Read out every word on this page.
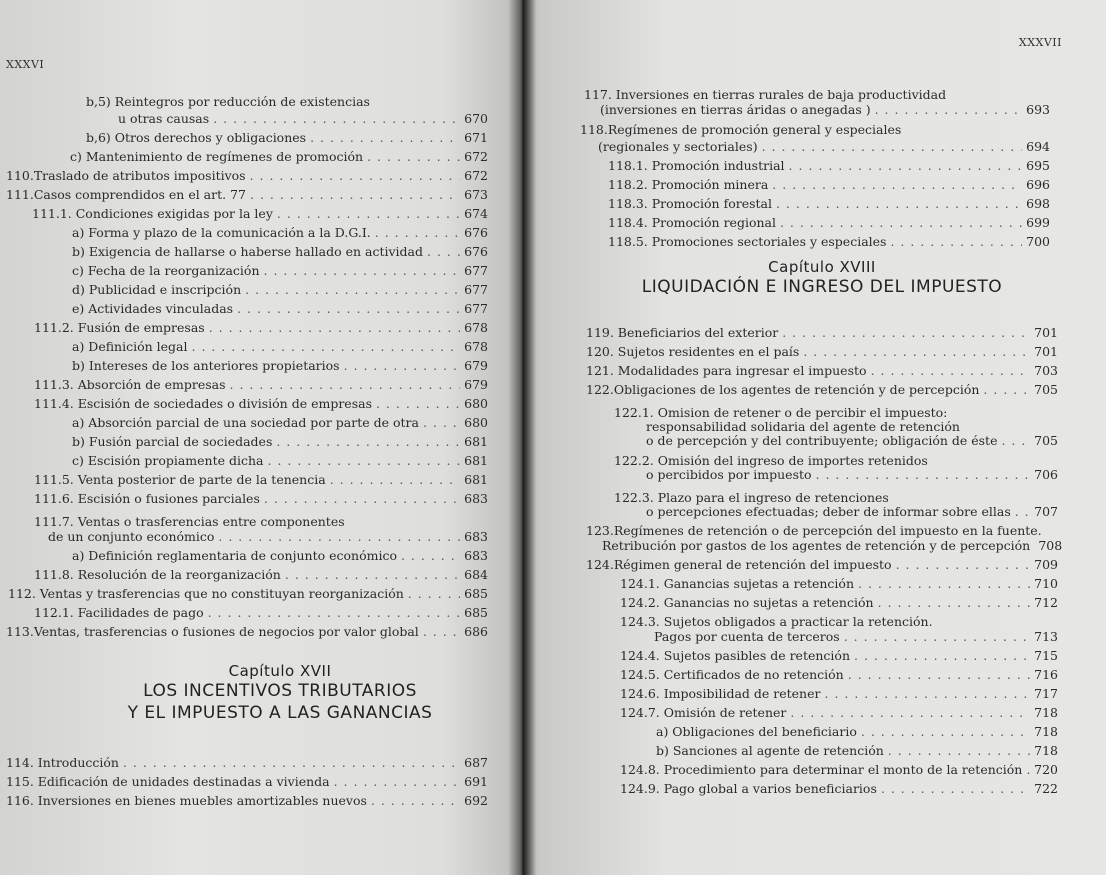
XXXVI
b,5) Reintegros por reducción de existencias
u otras causas . . .	670
b,6) Otros derechos y obligaciones . . .	671
c) Mantenimiento de regímenes de promoción . . .	672
110.Traslado de atributos impositivos . . .	672
111.Casos comprendidos en el art. 77 . . .	673
111.1. Condiciones exigidas por la ley . . .	674
a) Forma y plazo de la comunicación a la D.G.I. . . .	676
b) Exigencia de hallarse o haberse hallado en actividad . . .	676
c) Fecha de la reorganización . . .	677
d) Publicidad e inscripción . . .	677
e) Actividades vinculadas . . .	677
111.2. Fusión de empresas . . .	678
a) Definición legal . . .	678
b) Intereses de los anteriores propietarios . . .	679
111.3. Absorción de empresas . . .	679
111.4. Escisión de sociedades o división de empresas . . .	680
a) Absorción parcial de una sociedad por parte de otra . . .	680
b) Fusión parcial de sociedades . . .	681
c) Escisión propiamente dicha . . .	681
111.5. Venta posterior de parte de la tenencia . . .	681
111.6. Escisión o fusiones parciales . . .	683
111.7. Ventas o trasferencias entre componentes
de un conjunto económico . . .	683
a) Definición reglamentaria de conjunto económico . . .	683
111.8. Resolución de la reorganización . . .	684
112. Ventas y trasferencias que no constituyan reorganización . . .	685
112.1. Facilidades de pago . . .	685
113.Ventas, trasferencias o fusiones de negocios por valor global . . .	686
114. Introducción . . .	687
115. Edificación de unidades destinadas a vivienda . . .	691
116. Inversiones en bienes muebles amortizables nuevos . . .	692
Capítulo XVII
LOS INCENTIVOS TRIBUTARIOS
Y EL IMPUESTO A LAS GANANCIAS
XXXVII
117. Inversiones en tierras rurales de baja productividad
(inversiones en tierras áridas o anegadas ) . . .	693
118.Regímenes de promoción general y especiales
(regionales y sectoriales) . . .	694
118.1. Promoción industrial . . .	695
118.2. Promoción minera . . .	696
118.3. Promoción forestal . . .	698
118.4. Promoción regional . . .	699
118.5. Promociones sectoriales y especiales . . .	700
119. Beneficiarios del exterior . . .	701
120. Sujetos residentes en el país . . .	701
121. Modalidades para ingresar el impuesto . . .	703
122.Obligaciones de los agentes de retención y de percepción . . .	705
122.1. Omision de retener o de percibir el impuesto:
responsabilidad solidaria del agente de retención
o de percepción y del contribuyente; obligación de éste . . .	705
122.2. Omisión del ingreso de importes retenidos
o percibidos por impuesto . . .	706
122.3. Plazo para el ingreso de retenciones
o percepciones efectuadas; deber de informar sobre ellas . . . 707
123.Regímenes de retención o de percepción del impuesto en la fuente.
Retribución por gastos de los agentes de retención y de percepción 708
124.Régimen general de retención del impuesto . . .	709
124.1. Ganancias sujetas a retención . . .	710
124.2. Ganancias no sujetas a retención . . .	712
124.3. Sujetos obligados a practicar la retención.
Pagos por cuenta de terceros . . .	713
124.4. Sujetos pasibles de retención . . .	715
124.5. Certificados de no retención . . .	716
124.6. Imposibilidad de retener . . .	717
124.7. Omisión de retener . . .	718
a) Obligaciones del beneficiario . . .	718
b) Sanciones al agente de retención . . .	718
124.8. Procedimiento para determinar el monto de la retención . . . 720
124.9. Pago global a varios beneficiarios . . .	722
Capítulo XVIII
LIQUIDACIÓN E INGRESO DEL IMPUESTO
